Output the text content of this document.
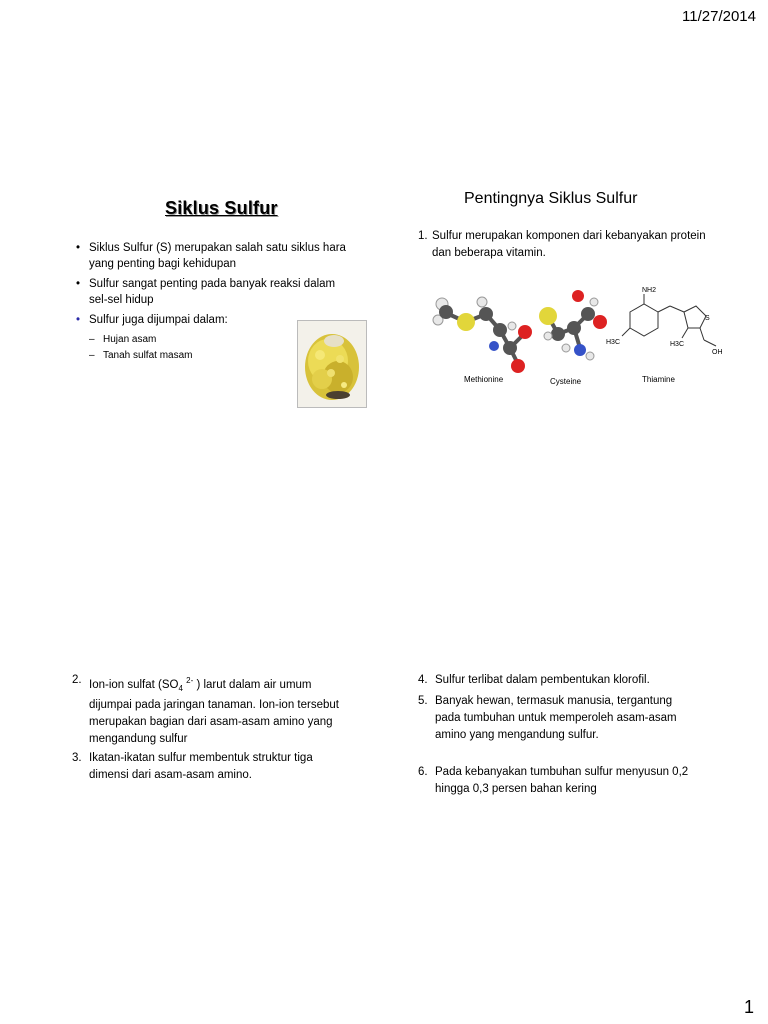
11/27/2014
Siklus Sulfur
• Siklus Sulfur (S) merupakan salah satu siklus hara yang penting bagi kehidupan
• Sulfur sangat penting pada banyak reaksi dalam sel-sel hidup
• Sulfur juga dijumpai dalam:
– Hujan asam
– Tanah sulfat masam
Pentingnya Siklus Sulfur
1. Sulfur merupakan komponen dari kebanyakan protein dan beberapa vitamin.
NH2
H3C	H3C
S
OH
Methionine	Cysteine	Thiamine
2. Ion-ion sulfat ($SO_4$ $^{2-}$ ) larut dalam air umum dijumpai pada jaringan tanaman. Ion-ion tersebut merupakan bagian dari asam-asam amino yang mengandung sulfur
3. Ikatan-ikatan sulfur membentuk struktur tiga dimensi dari asam-asam amino.
4. Sulfur terlibat dalam pembentukan klorofil.
5. Banyak hewan, termasuk manusia, tergantung pada tumbuhan untuk memperoleh asam-asam amino yang mengandung sulfur.
6. Pada kebanyakan tumbuhan sulfur menyusun 0,2 hingga 0,3 persen bahan kering
1
